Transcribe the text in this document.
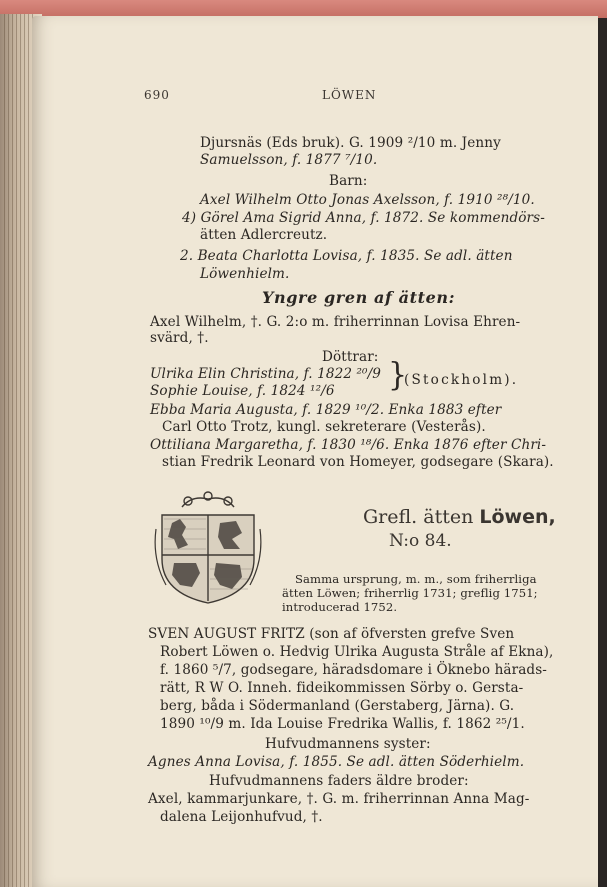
690	LÖWEN
Djursnäs (Eds bruk). G. 1909 ²/10 m. Jenny
Samuelsson, f. 1877 ⁷/10.
Barn:
Axel Wilhelm Otto Jonas Axelsson, f. 1910 ²⁸/10.
4) Görel Ama Sigrid Anna, f. 1872. Se kommendörs-
ätten Adlercreutz.
2. Beata Charlotta Lovisa, f. 1835. Se adl. ätten
Löwenhielm.
Yngre gren af ätten:
Axel Wilhelm, †. G. 2:o m. friherrinnan Lovisa Ehren-
svärd, †.
Döttrar:
Ulrika Elin Christina, f. 1822 ²⁰/9
Sophie Louise, f. 1824 ¹²/6 }
(Stockholm).
Ebba Maria Augusta, f. 1829 ¹⁰/2. Enka 1883 efter
Carl Otto Trotz, kungl. sekreterare (Vesterås).
Ottiliana Margaretha, f. 1830 ¹⁸/6. Enka 1876 efter Chri-
stian Fredrik Leonard von Homeyer, godsegare (Skara).
Grefl. ätten Löwen,
N:o 84.
Samma ursprung, m. m., som friherrliga
ätten Löwen; friherrlig 1731; greflig 1751;
introducerad 1752.
SVEN AUGUST FRITZ (son af öfversten grefve Sven
Robert Löwen o. Hedvig Ulrika Augusta Stråle af Ekna),
f. 1860 ⁵/7, godsegare, häradsdomare i Öknebo härads-
rätt, R W O. Inneh. fideikommissen Sörby o. Gersta-
berg, båda i Södermanland (Gerstaberg, Järna). G.
1890 ¹⁰/9 m. Ida Louise Fredrika Wallis, f. 1862 ²⁵/1.
Hufvudmannens syster:
Agnes Anna Lovisa, f. 1855. Se adl. ätten Söderhielm.
Hufvudmannens faders äldre broder:
Axel, kammarjunkare, †. G. m. friherrinnan Anna Mag-
dalena Leijonhufvud, †.
